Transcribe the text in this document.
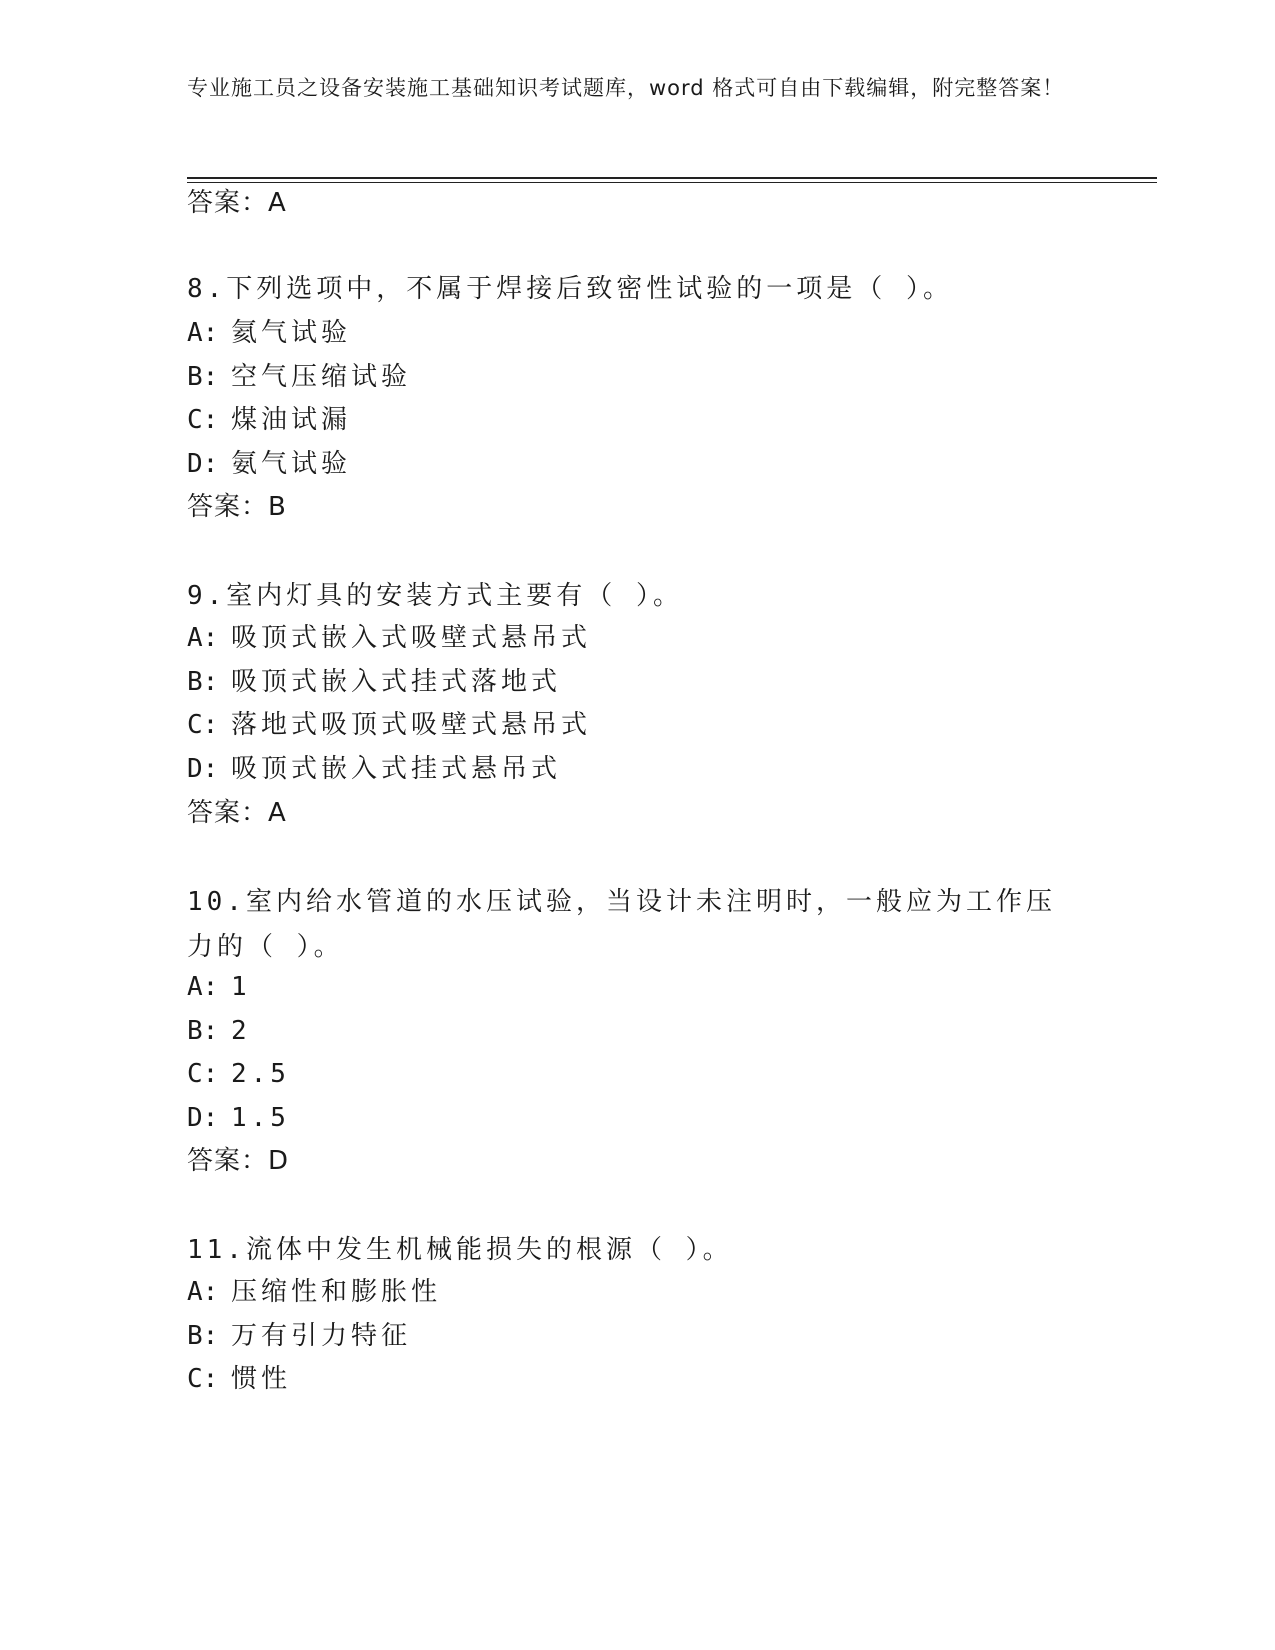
专业施工员之设备安装施工基础知识考试题库，word 格式可自由下载编辑，附完整答案！
答案：A
8.下列选项中，不属于焊接后致密性试验的一项是（ ）。
A: 氦气试验
B: 空气压缩试验
C: 煤油试漏
D: 氨气试验
答案：B
9.室内灯具的安装方式主要有（ ）。
A: 吸顶式嵌入式吸壁式悬吊式
B: 吸顶式嵌入式挂式落地式
C: 落地式吸顶式吸壁式悬吊式
D: 吸顶式嵌入式挂式悬吊式
答案：A
10.室内给水管道的水压试验，当设计未注明时，一般应为工作压力的（ ）。
A: 1
B: 2
C: 2.5
D: 1.5
答案：D
11.流体中发生机械能损失的根源（ ）。
A: 压缩性和膨胀性
B: 万有引力特征
C: 惯性
